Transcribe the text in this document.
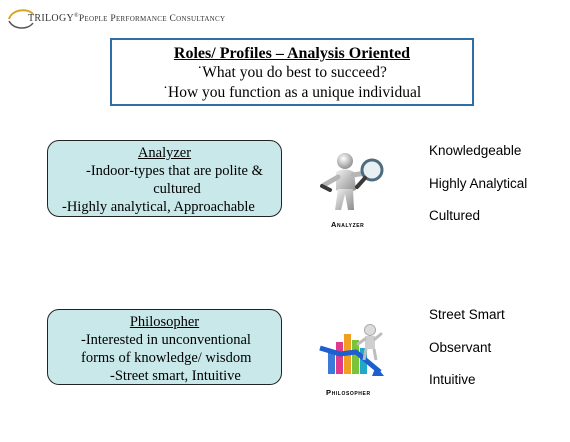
TRILOGY®People Performance Consultancy
Roles/ Profiles – Analysis Oriented
˙What you do best to succeed?
˙How you function as a unique individual
Analyzer
-Indoor-types that are polite &
cultured
-Highly analytical, Approachable
Analyzer
Knowledgeable
Highly Analytical
Cultured
Philosopher
-Interested in unconventional
forms of knowledge/ wisdom
-Street smart, Intuitive
Philosopher
Street Smart
Observant
Intuitive
